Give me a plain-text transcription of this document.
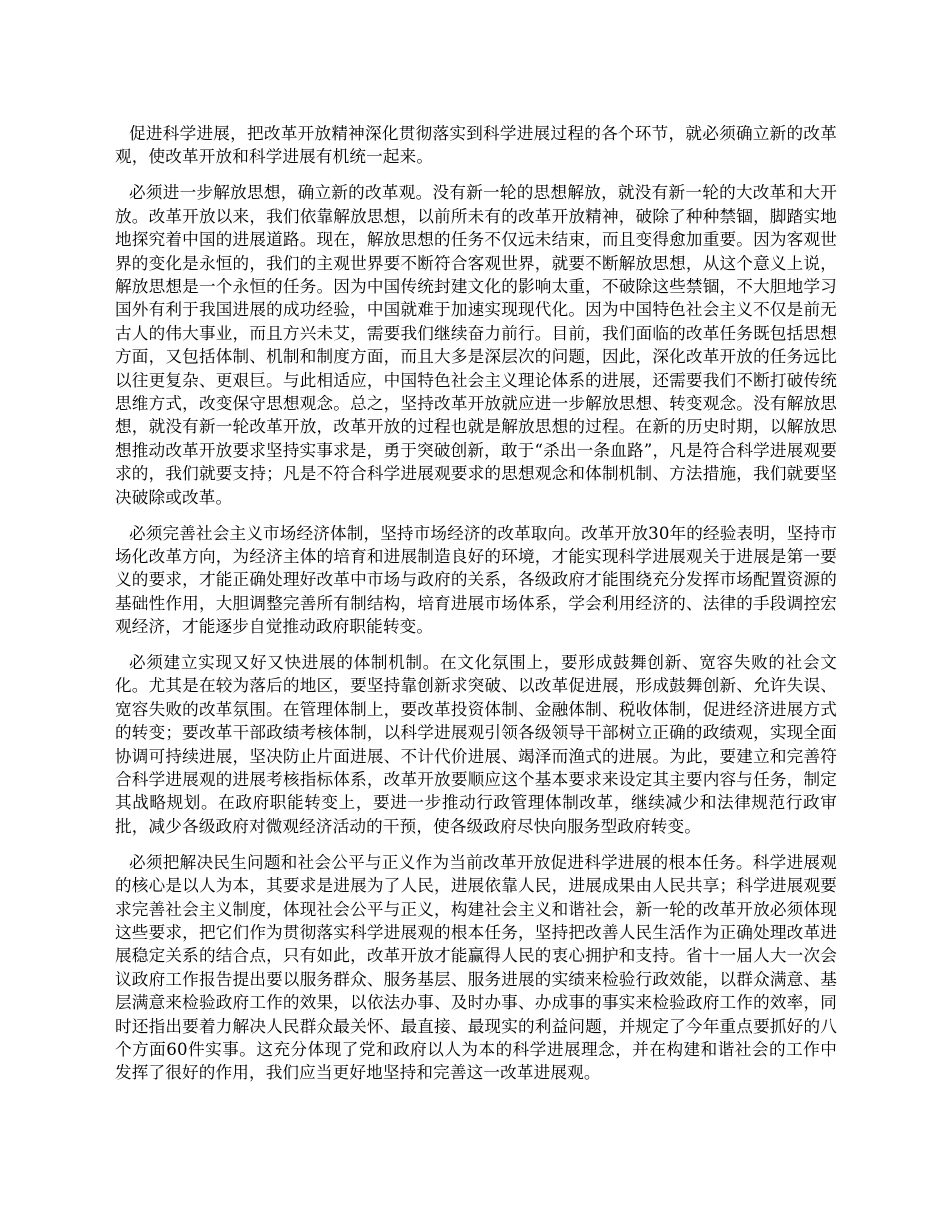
促进科学进展，把改革开放精神深化贯彻落实到科学进展过程的各个环节，就必须确立新的改革观，使改革开放和科学进展有机统一起来。

必须进一步解放思想，确立新的改革观。没有新一轮的思想解放，就没有新一轮的大改革和大开放。改革开放以来，我们依靠解放思想，以前所未有的改革开放精神，破除了种种禁锢，脚踏实地地探究着中国的进展道路。现在，解放思想的任务不仅远未结束，而且变得愈加重要。因为客观世界的变化是永恒的，我们的主观世界要不断符合客观世界，就要不断解放思想，从这个意义上说，解放思想是一个永恒的任务。因为中国传统封建文化的影响太重，不破除这些禁锢，不大胆地学习国外有利于我国进展的成功经验，中国就难于加速实现现代化。因为中国特色社会主义不仅是前无古人的伟大事业，而且方兴未艾，需要我们继续奋力前行。目前，我们面临的改革任务既包括思想方面，又包括体制、机制和制度方面，而且大多是深层次的问题，因此，深化改革开放的任务远比以往更复杂、更艰巨。与此相适应，中国特色社会主义理论体系的进展，还需要我们不断打破传统思维方式，改变保守思想观念。总之，坚持改革开放就应进一步解放思想、转变观念。没有解放思想，就没有新一轮改革开放，改革开放的过程也就是解放思想的过程。在新的历史时期，以解放思想推动改革开放要求坚持实事求是，勇于突破创新，敢于“杀出一条血路”，凡是符合科学进展观要求的，我们就要支持；凡是不符合科学进展观要求的思想观念和体制机制、方法措施，我们就要坚决破除或改革。

必须完善社会主义市场经济体制，坚持市场经济的改革取向。改革开放30年的经验表明，坚持市场化改革方向，为经济主体的培育和进展制造良好的环境，才能实现科学进展观关于进展是第一要义的要求，才能正确处理好改革中市场与政府的关系，各级政府才能围绕充分发挥市场配置资源的基础性作用，大胆调整完善所有制结构，培育进展市场体系，学会利用经济的、法律的手段调控宏观经济，才能逐步自觉推动政府职能转变。

必须建立实现又好又快进展的体制机制。在文化氛围上，要形成鼓舞创新、宽容失败的社会文化。尤其是在较为落后的地区，要坚持靠创新求突破、以改革促进展，形成鼓舞创新、允许失误、宽容失败的改革氛围。在管理体制上，要改革投资体制、金融体制、税收体制，促进经济进展方式的转变；要改革干部政绩考核体制，以科学进展观引领各级领导干部树立正确的政绩观，实现全面协调可持续进展，坚决防止片面进展、不计代价进展、竭泽而渔式的进展。为此，要建立和完善符合科学进展观的进展考核指标体系，改革开放要顺应这个基本要求来设定其主要内容与任务，制定其战略规划。在政府职能转变上，要进一步推动行政管理体制改革，继续减少和法律规范行政审批，减少各级政府对微观经济活动的干预，使各级政府尽快向服务型政府转变。

必须把解决民生问题和社会公平与正义作为当前改革开放促进科学进展的根本任务。科学进展观的核心是以人为本，其要求是进展为了人民，进展依靠人民，进展成果由人民共享；科学进展观要求完善社会主义制度，体现社会公平与正义，构建社会主义和谐社会，新一轮的改革开放必须体现这些要求，把它们作为贯彻落实科学进展观的根本任务，坚持把改善人民生活作为正确处理改革进展稳定关系的结合点，只有如此，改革开放才能赢得人民的衷心拥护和支持。省十一届人大一次会议政府工作报告提出要以服务群众、服务基层、服务进展的实绩来检验行政效能，以群众满意、基层满意来检验政府工作的效果，以依法办事、及时办事、办成事的事实来检验政府工作的效率，同时还指出要着力解决人民群众最关怀、最直接、最现实的利益问题，并规定了今年重点要抓好的八个方面60件实事。这充分体现了党和政府以人为本的科学进展理念，并在构建和谐社会的工作中发挥了很好的作用，我们应当更好地坚持和完善这一改革进展观。
